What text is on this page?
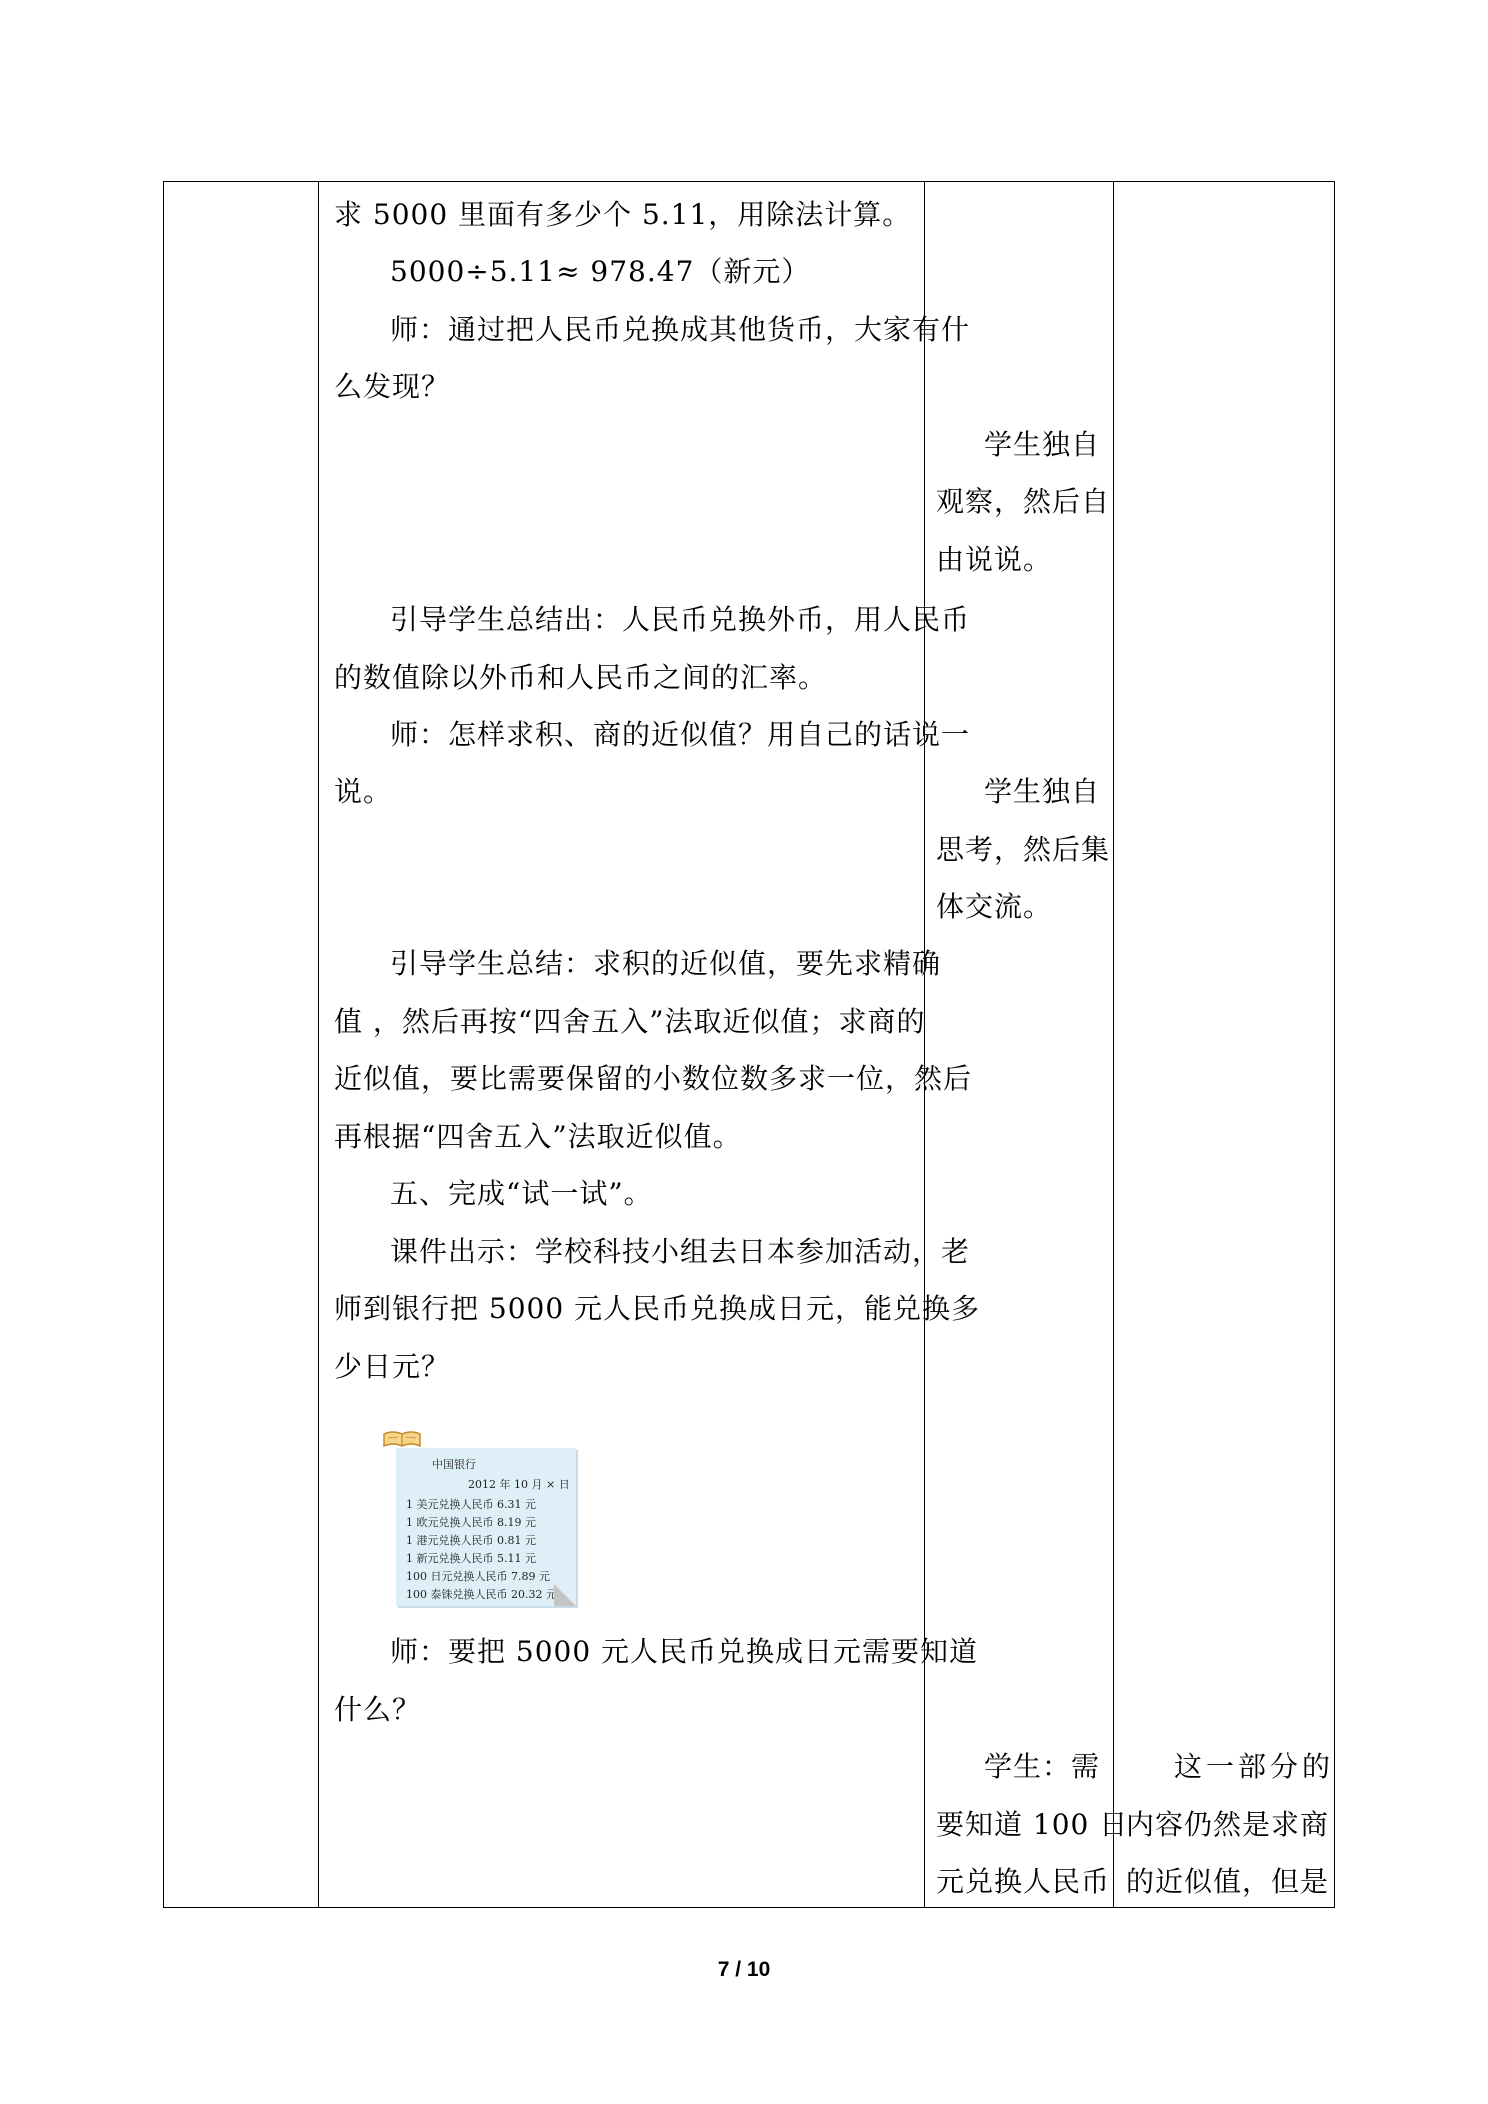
求 5000 里面有多少个 5.11，用除法计算。
5000÷5.11≈ 978.47（新元）
师：通过把人民币兑换成其他货币，大家有什
么发现？
引导学生总结出：人民币兑换外币，用人民币
的数值除以外币和人民币之间的汇率。
师：怎样求积、商的近似值？用自己的话说一
说。
引导学生总结：求积的近似值，要先求精确
值 ，然后再按“四舍五入”法取近似值；求商的
近似值，要比需要保留的小数位数多求一位，然后
再根据“四舍五入”法取近似值。
五、完成“试一试”。
课件出示：学校科技小组去日本参加活动，老
师到银行把 5000 元人民币兑换成日元，能兑换多
少日元？
师：要把 5000 元人民币兑换成日元需要知道
什么？
中国银行
2012 年 10 月 × 日
1 美元兑换人民币 6.31 元
1 欧元兑换人民币 8.19 元
1 港元兑换人民币 0.81 元
1 新元兑换人民币 5.11 元
100 日元兑换人民币 7.89 元
100 泰铢兑换人民币 20.32 元
学生独自
观察，然后自
由说说。
学生独自
思考，然后集
体交流。
学生：需
要知道 100 日
元兑换人民币
这一部分的
内容仍然是求商
的近似值，但是
7 / 10
